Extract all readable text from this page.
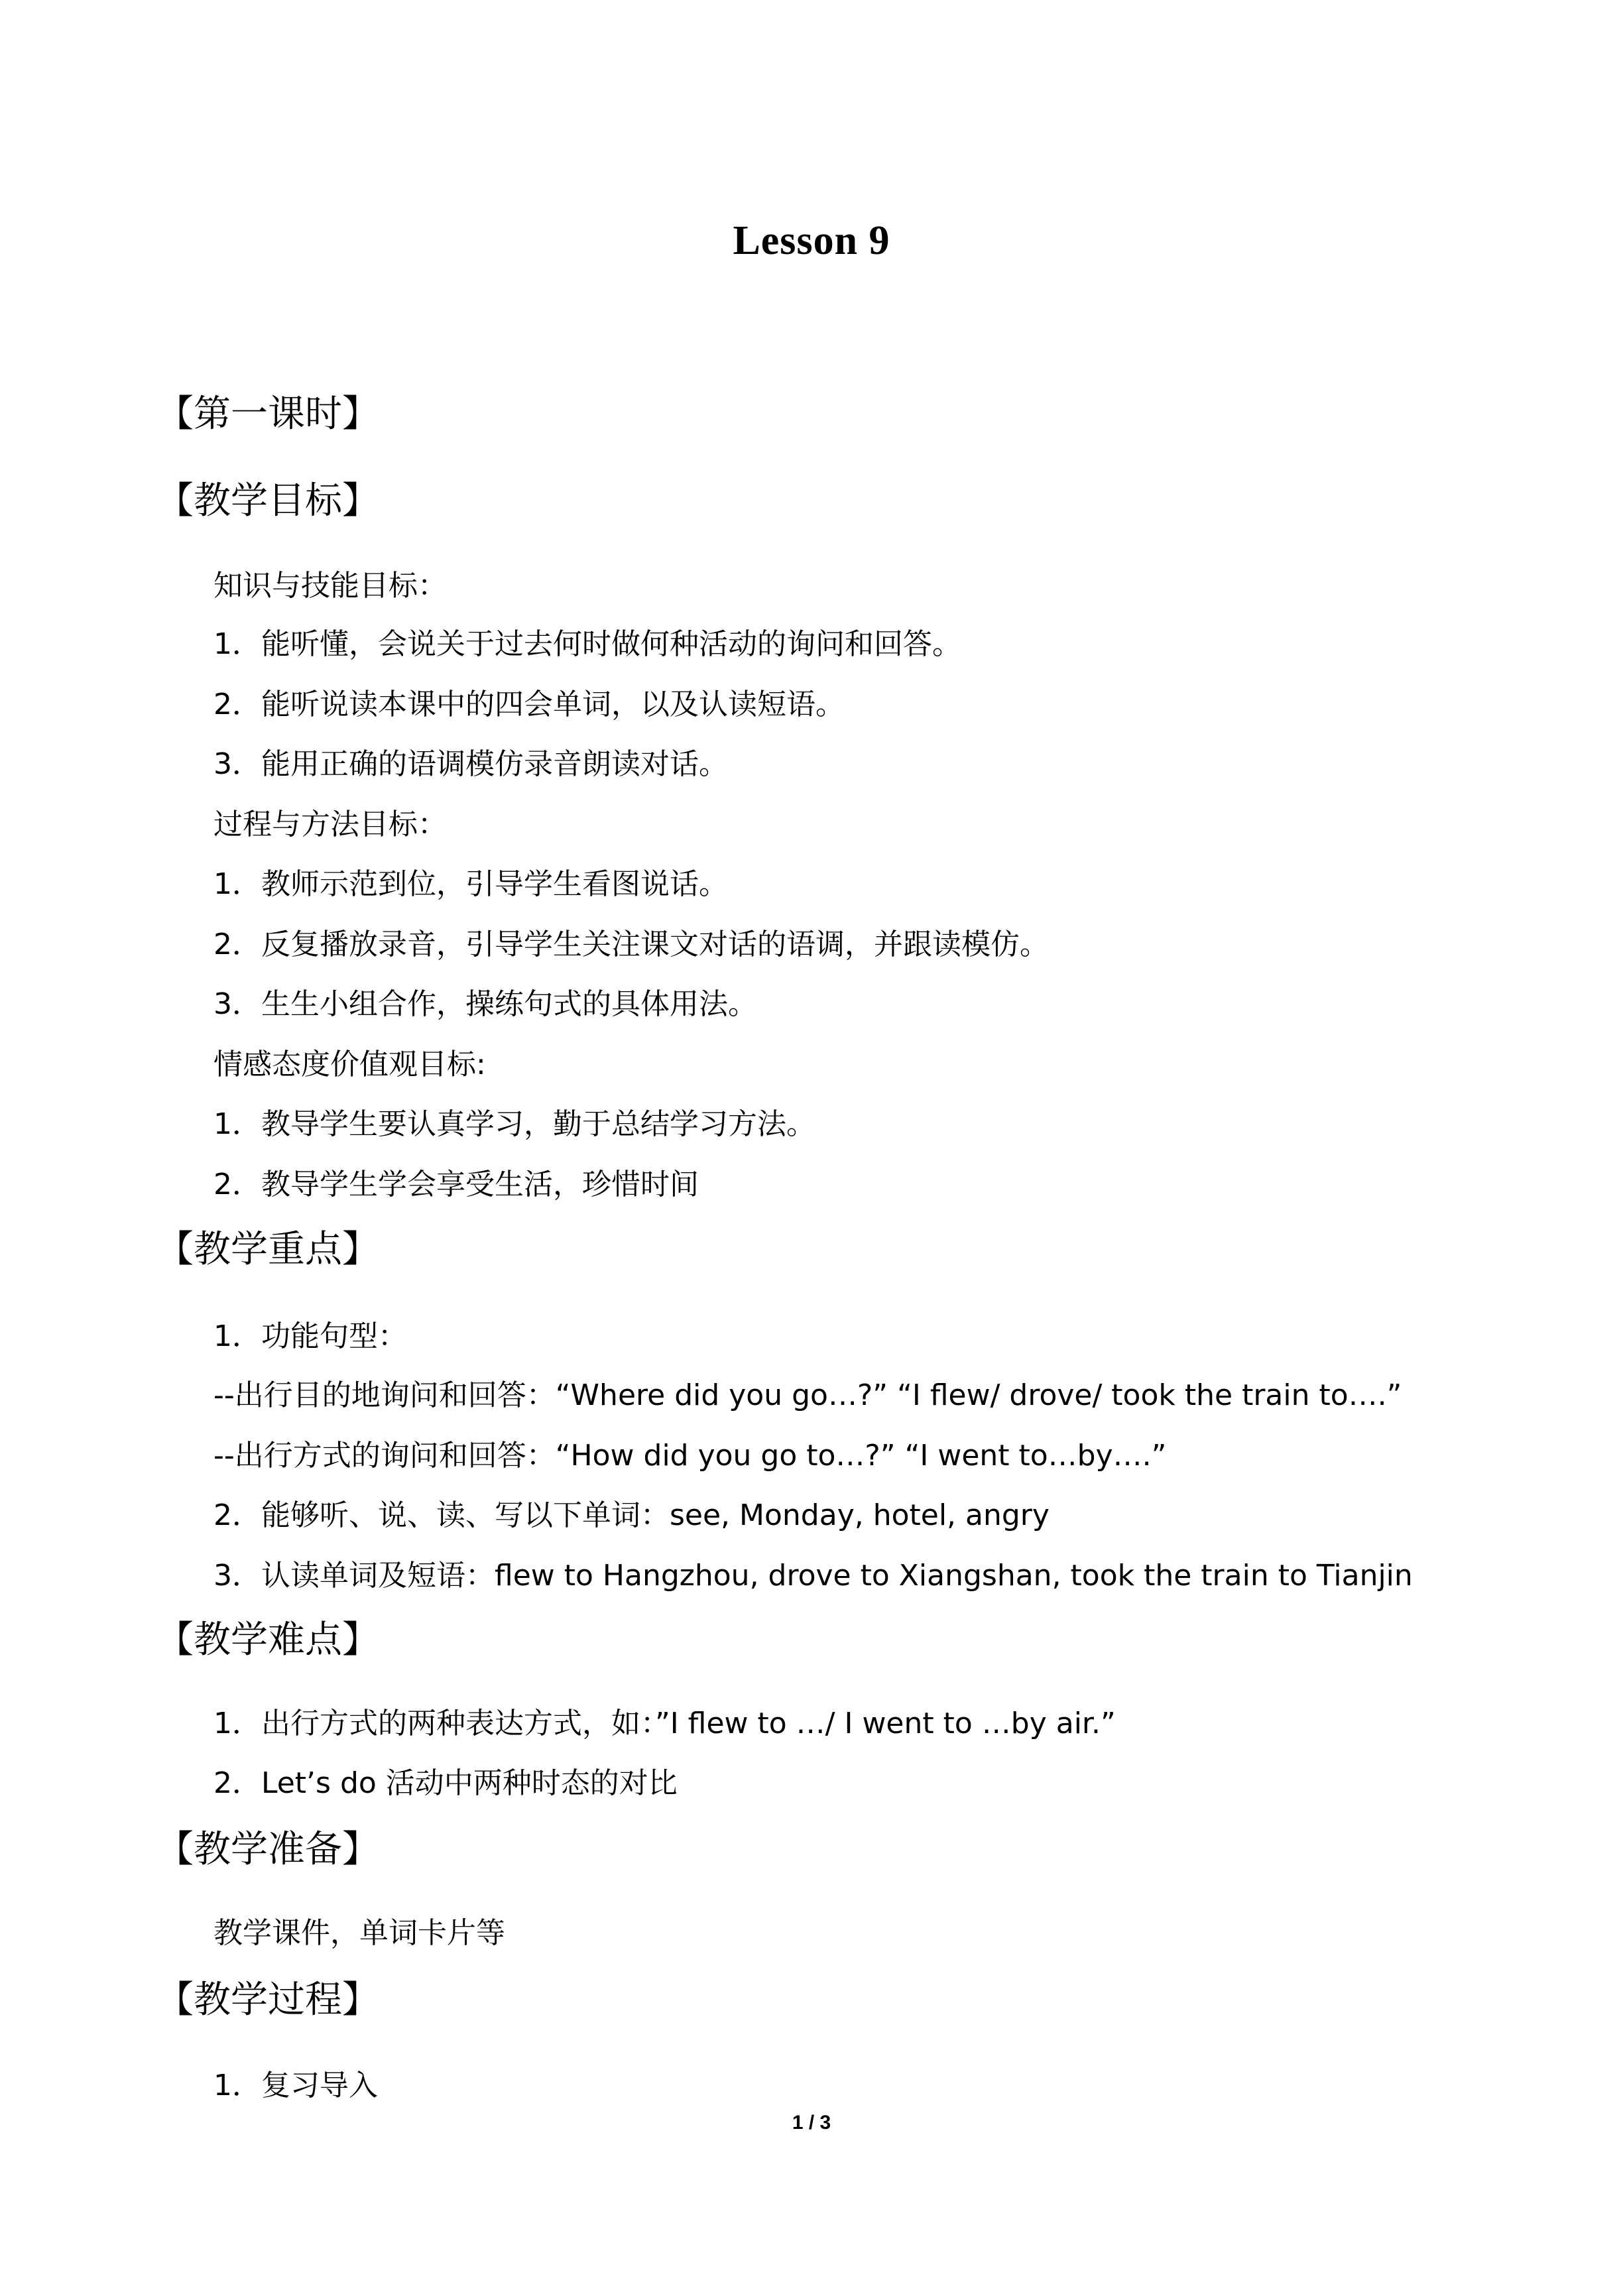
Lesson 9
【第一课时】
【教学目标】
知识与技能目标：
1．能听懂，会说关于过去何时做何种活动的询问和回答。
2．能听说读本课中的四会单词，以及认读短语。
3．能用正确的语调模仿录音朗读对话。
过程与方法目标：
1．教师示范到位，引导学生看图说话。
2．反复播放录音，引导学生关注课文对话的语调，并跟读模仿。
3．生生小组合作，操练句式的具体用法。
情感态度价值观目标:
1．教导学生要认真学习，勤于总结学习方法。
2．教导学生学会享受生活，珍惜时间
【教学重点】
1．功能句型：
--出行目的地询问和回答：“Where did you go…?” “I flew/ drove/ took the train to….”
--出行方式的询问和回答：“How did you go to…?” “I went to…by….”
2．能够听、说、读、写以下单词：see, Monday, hotel, angry
3．认读单词及短语：flew to Hangzhou, drove to Xiangshan, took the train to Tianjin
【教学难点】
1．出行方式的两种表达方式，如：”I flew to …/ I went to …by air.”
2．Let’s do 活动中两种时态的对比
【教学准备】
教学课件，单词卡片等
【教学过程】
1．复习导入
1 / 3
